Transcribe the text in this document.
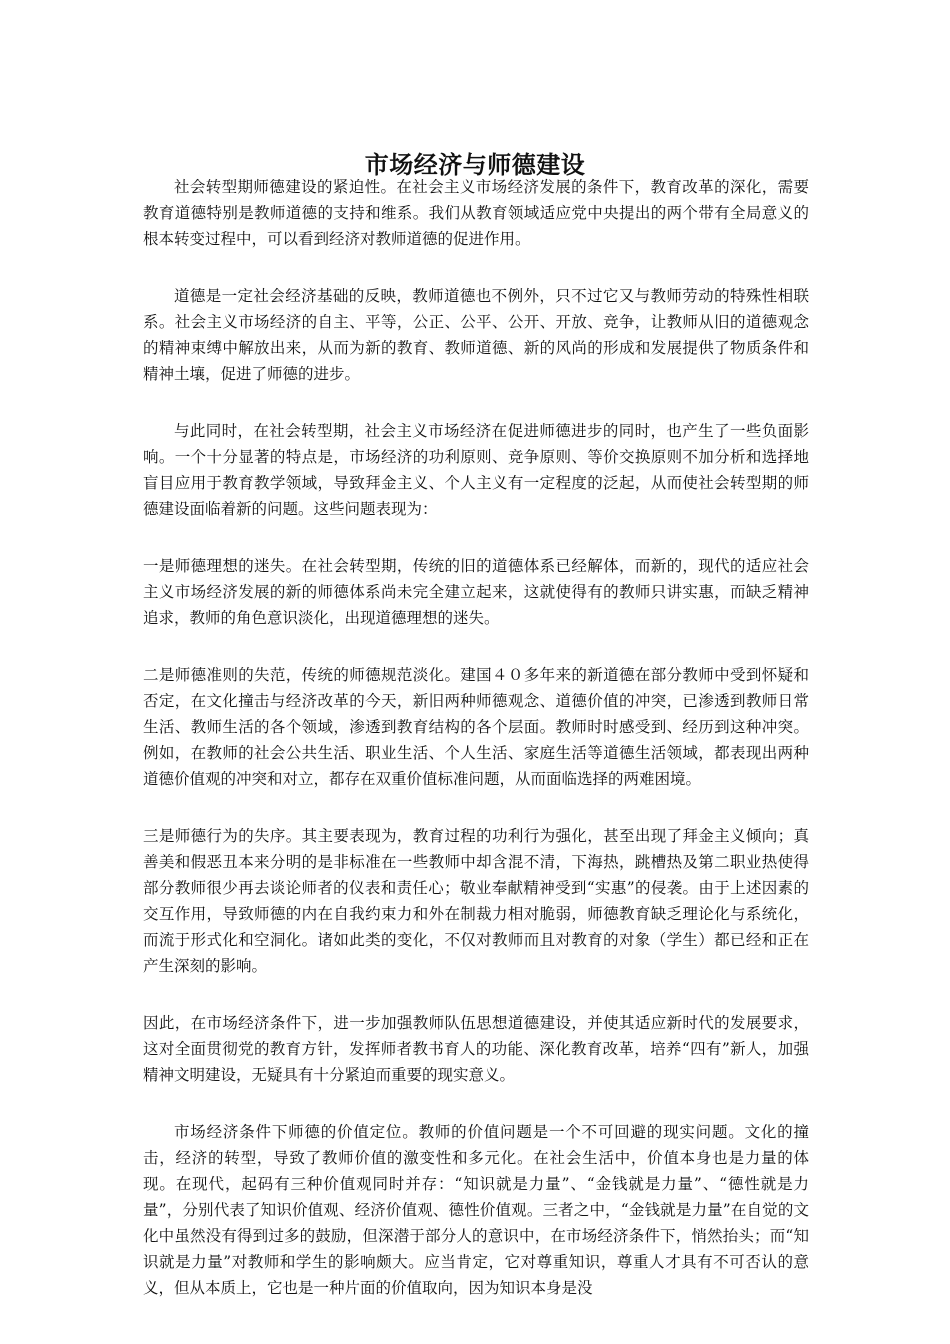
市场经济与师德建设

社会转型期师德建设的紧迫性。在社会主义市场经济发展的条件下，教育改革的深化，需要教育道德特别是教师道德的支持和维系。我们从教育领域适应党中央提出的两个带有全局意义的根本转变过程中，可以看到经济对教师道德的促进作用。

道德是一定社会经济基础的反映，教师道德也不例外，只不过它又与教师劳动的特殊性相联系。社会主义市场经济的自主、平等，公正、公平、公开、开放、竞争，让教师从旧的道德观念的精神束缚中解放出来，从而为新的教育、教师道德、新的风尚的形成和发展提供了物质条件和精神土壤，促进了师德的进步。

与此同时，在社会转型期，社会主义市场经济在促进师德进步的同时，也产生了一些负面影响。一个十分显著的特点是，市场经济的功利原则、竞争原则、等价交换原则不加分析和选择地盲目应用于教育教学领域，导致拜金主义、个人主义有一定程度的泛起，从而使社会转型期的师德建设面临着新的问题。这些问题表现为：

一是师德理想的迷失。在社会转型期，传统的旧的道德体系已经解体，而新的，现代的适应社会主义市场经济发展的新的师德体系尚未完全建立起来，这就使得有的教师只讲实惠，而缺乏精神追求，教师的角色意识淡化，出现道德理想的迷失。

二是师德准则的失范，传统的师德规范淡化。建国４０多年来的新道德在部分教师中受到怀疑和否定，在文化撞击与经济改革的今天，新旧两种师德观念、道德价值的冲突，已渗透到教师日常生活、教师生活的各个领域，渗透到教育结构的各个层面。教师时时感受到、经历到这种冲突。例如，在教师的社会公共生活、职业生活、个人生活、家庭生活等道德生活领域，都表现出两种道德价值观的冲突和对立，都存在双重价值标准问题，从而面临选择的两难困境。

三是师德行为的失序。其主要表现为，教育过程的功利行为强化，甚至出现了拜金主义倾向；真善美和假恶丑本来分明的是非标准在一些教师中却含混不清，下海热，跳槽热及第二职业热使得部分教师很少再去谈论师者的仪表和责任心；敬业奉献精神受到“实惠”的侵袭。由于上述因素的交互作用，导致师德的内在自我约束力和外在制裁力相对脆弱，师德教育缺乏理论化与系统化，而流于形式化和空洞化。诸如此类的变化，不仅对教师而且对教育的对象（学生）都已经和正在产生深刻的影响。

因此，在市场经济条件下，进一步加强教师队伍思想道德建设，并使其适应新时代的发展要求，这对全面贯彻党的教育方针，发挥师者教书育人的功能、深化教育改革，培养“四有”新人，加强精神文明建设，无疑具有十分紧迫而重要的现实意义。

市场经济条件下师德的价值定位。教师的价值问题是一个不可回避的现实问题。文化的撞击，经济的转型，导致了教师价值的激变性和多元化。在社会生活中，价值本身也是力量的体现。在现代，起码有三种价值观同时并存：“知识就是力量”、“金钱就是力量”、“德性就是力量”，分别代表了知识价值观、经济价值观、德性价值观。三者之中，“金钱就是力量”在自觉的文化中虽然没有得到过多的鼓励，但深潜于部分人的意识中，在市场经济条件下，悄然抬头；而“知识就是力量”对教师和学生的影响颇大。应当肯定，它对尊重知识，尊重人才具有不可否认的意义，但从本质上，它也是一种片面的价值取向，因为知识本身是没
